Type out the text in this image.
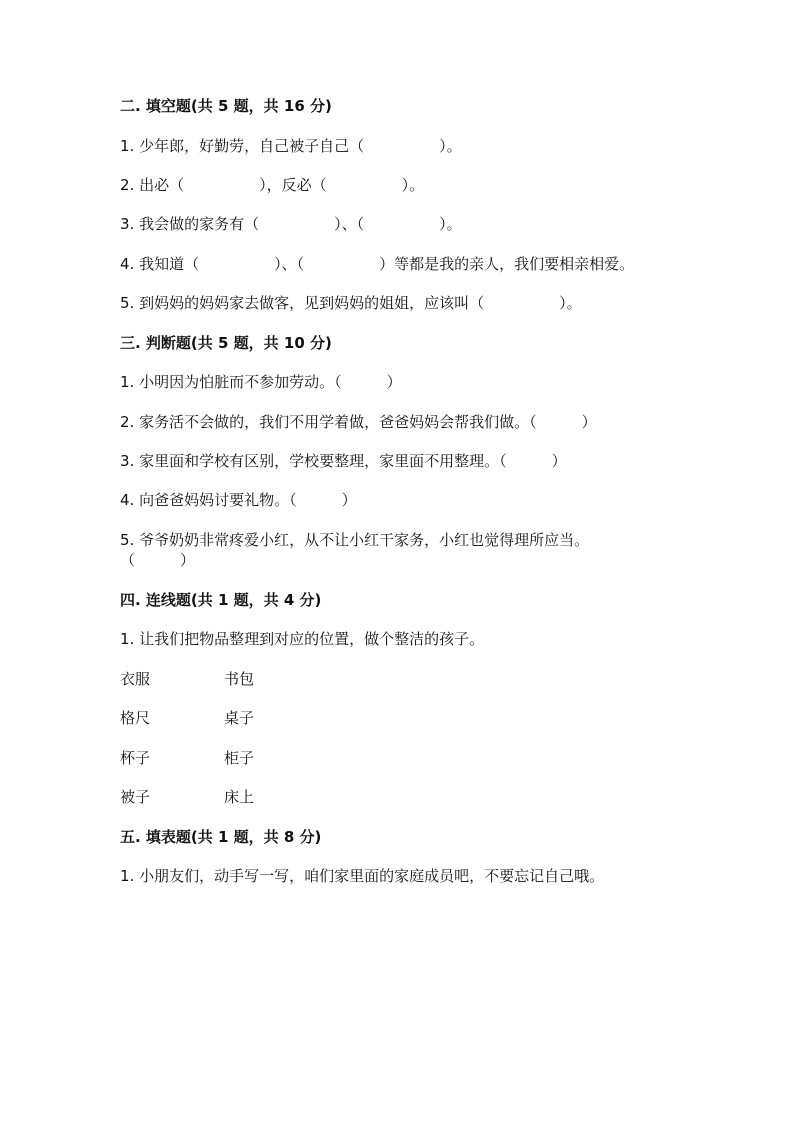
二. 填空题(共 5 题，共 16 分)
1. 少年郎，好勤劳，自己被子自己（　　　　　）。
2. 出必（　　　　　），反必（　　　　　）。
3. 我会做的家务有（　　　　　）、（　　　　　）。
4. 我知道（　　　　　）、（　　　　　）等都是我的亲人，我们要相亲相爱。
5. 到妈妈的妈妈家去做客，见到妈妈的姐姐，应该叫（　　　　　）。
三. 判断题(共 5 题，共 10 分)
1. 小明因为怕脏而不参加劳动。（　　　）
2. 家务活不会做的，我们不用学着做，爸爸妈妈会帮我们做。（　　　）
3. 家里面和学校有区别，学校要整理，家里面不用整理。（　　　）
4. 向爸爸妈妈讨要礼物。（　　　）
5. 爷爷奶奶非常疼爱小红，从不让小红干家务，小红也觉得理所应当。
（　　　）
四. 连线题(共 1 题，共 4 分)
1. 让我们把物品整理到对应的位置，做个整洁的孩子。
衣服	书包
格尺	桌子
杯子	柜子
被子	床上
五. 填表题(共 1 题，共 8 分)
1. 小朋友们，动手写一写，咱们家里面的家庭成员吧，不要忘记自己哦。
